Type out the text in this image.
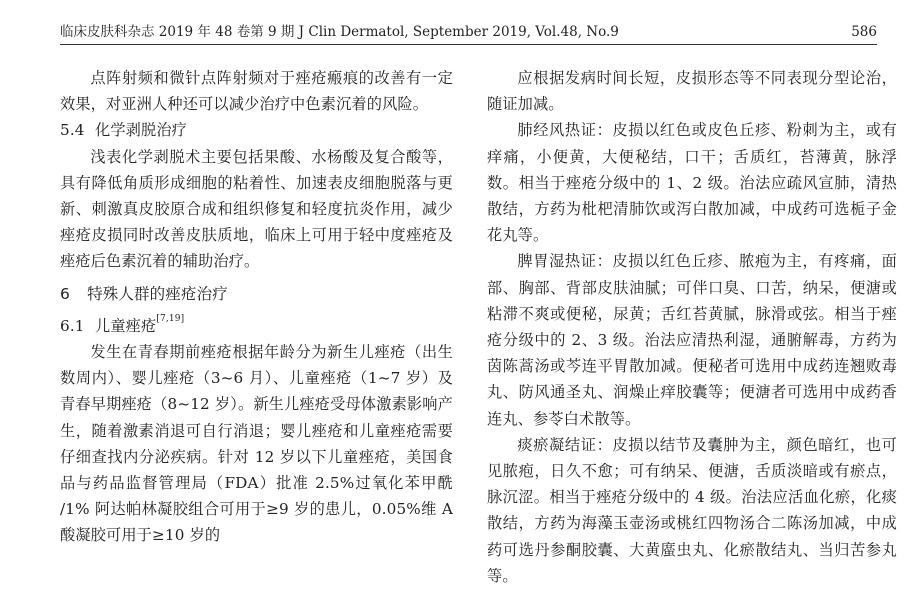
临床皮肤科杂志 2019 年 48 卷第 9 期 J Clin Dermatol, September 2019, Vol.48, No.9	586

点阵射频和微针点阵射频对于痤疮瘢痕的改善有一定效果，对亚洲人种还可以减少治疗中色素沉着的风险。

5.4 化学剥脱治疗

浅表化学剥脱术主要包括果酸、水杨酸及复合酸等，具有降低角质形成细胞的粘着性、加速表皮细胞脱落与更新、刺激真皮胶原合成和组织修复和轻度抗炎作用，减少痤疮皮损同时改善皮肤质地，临床上可用于轻中度痤疮及痤疮后色素沉着的辅助治疗。

6 特殊人群的痤疮治疗
6.1 儿童痤疮[7,19]

发生在青春期前痤疮根据年龄分为新生儿痤疮（出生数周内）、婴儿痤疮（3~6 月）、儿童痤疮（1~7 岁）及青春早期痤疮（8~12 岁）。新生儿痤疮受母体激素影响产生，随着激素消退可自行消退；婴儿痤疮和儿童痤疮需要仔细查找内分泌疾病。针对 12 岁以下儿童痤疮，美国食品与药品监督管理局（FDA）批准 2.5%过氧化苯甲酰 /1% 阿达帕林凝胶组合可用于≥9 岁的患儿，0.05%维 A 酸凝胶可用于≥10 岁的

应根据发病时间长短，皮损形态等不同表现分型论治，随证加减。

肺经风热证：皮损以红色或皮色丘疹、粉刺为主，或有痒痛，小便黄，大便秘结，口干；舌质红，苔薄黄，脉浮数。相当于痤疮分级中的 1、2 级。治法应疏风宣肺，清热散结，方药为枇杷清肺饮或泻白散加减，中成药可选栀子金花丸等。

脾胃湿热证：皮损以红色丘疹、脓疱为主，有疼痛，面部、胸部、背部皮肤油腻；可伴口臭、口苦，纳呆，便溏或粘滞不爽或便秘，尿黄；舌红苔黄腻，脉滑或弦。相当于痤疮分级中的 2、3 级。治法应清热利湿，通腑解毒，方药为茵陈蒿汤或芩连平胃散加减。便秘者可选用中成药连翘败毒丸、防风通圣丸、润燥止痒胶囊等；便溏者可选用中成药香连丸、参苓白术散等。

痰瘀凝结证：皮损以结节及囊肿为主，颜色暗红，也可见脓疱，日久不愈；可有纳呆、便溏，舌质淡暗或有瘀点，脉沉涩。相当于痤疮分级中的 4 级。治法应活血化瘀，化痰散结，方药为海藻玉壶汤或桃红四物汤合二陈汤加减，中成药可选丹参酮胶囊、大黄䗪虫丸、化瘀散结丸、当归苦参丸等。
